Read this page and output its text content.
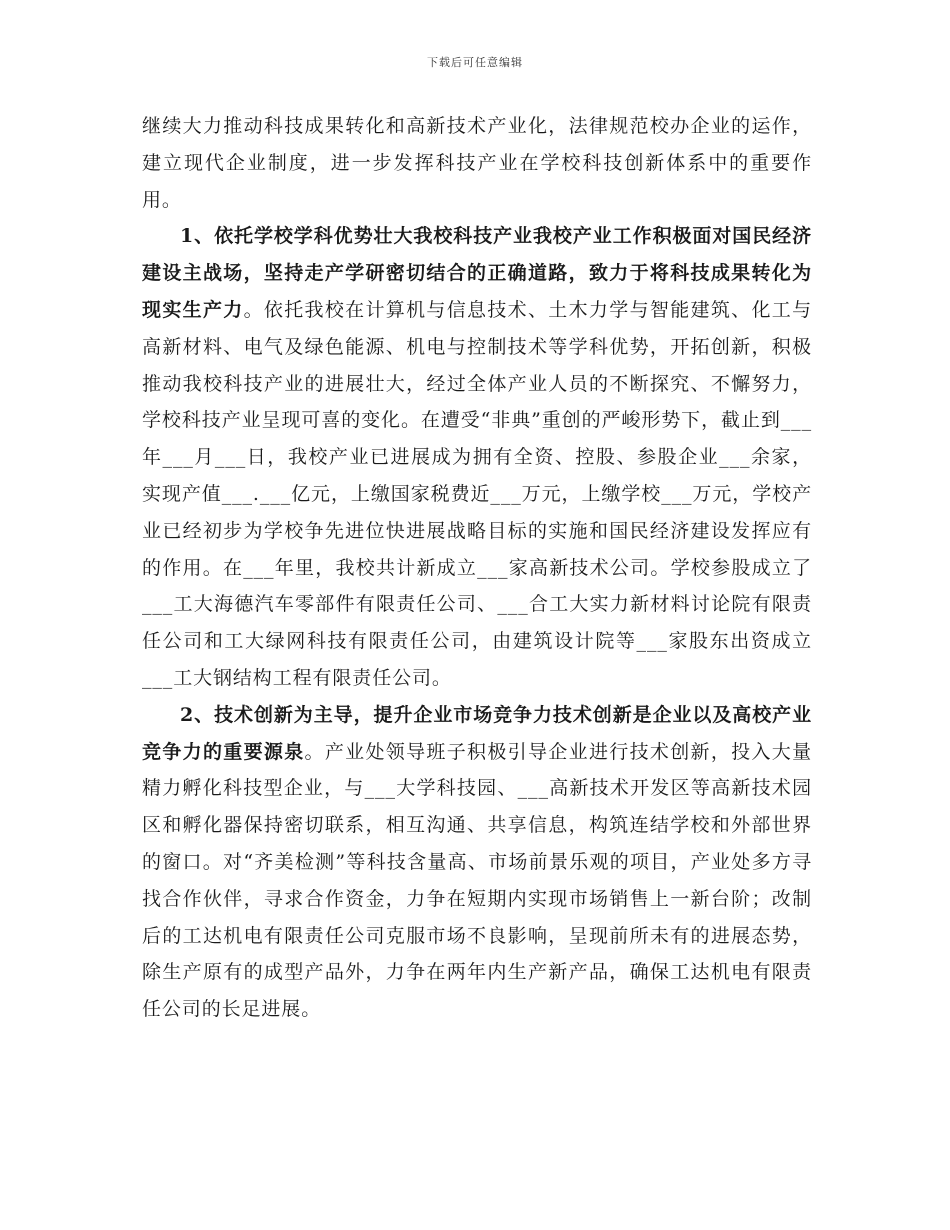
下载后可任意编辑

继续大力推动科技成果转化和高新技术产业化，法律规范校办企业的运作，建立现代企业制度，进一步发挥科技产业在学校科技创新体系中的重要作用。

1、依托学校学科优势壮大我校科技产业我校产业工作积极面对国民经济建设主战场，坚持走产学研密切结合的正确道路，致力于将科技成果转化为现实生产力。依托我校在计算机与信息技术、土木力学与智能建筑、化工与高新材料、电气及绿色能源、机电与控制技术等学科优势，开拓创新，积极推动我校科技产业的进展壮大，经过全体产业人员的不断探究、不懈努力，学校科技产业呈现可喜的变化。在遭受“非典”重创的严峻形势下，截止到___年___月___日，我校产业已进展成为拥有全资、控股、参股企业___余家，实现产值___.___亿元，上缴国家税费近___万元，上缴学校___万元，学校产业已经初步为学校争先进位快进展战略目标的实施和国民经济建设发挥应有的作用。在___年里，我校共计新成立___家高新技术公司。学校参股成立了___工大海德汽车零部件有限责任公司、___合工大实力新材料讨论院有限责任公司和工大绿网科技有限责任公司，由建筑设计院等___家股东出资成立___工大钢结构工程有限责任公司。

2、技术创新为主导，提升企业市场竞争力技术创新是企业以及高校产业竞争力的重要源泉。产业处领导班子积极引导企业进行技术创新，投入大量精力孵化科技型企业，与___大学科技园、___高新技术开发区等高新技术园区和孵化器保持密切联系，相互沟通、共享信息，构筑连结学校和外部世界的窗口。对“齐美检测”等科技含量高、市场前景乐观的项目，产业处多方寻找合作伙伴，寻求合作资金，力争在短期内实现市场销售上一新台阶；改制后的工达机电有限责任公司克服市场不良影响，呈现前所未有的进展态势，除生产原有的成型产品外，力争在两年内生产新产品，确保工达机电有限责任公司的长足进展。
